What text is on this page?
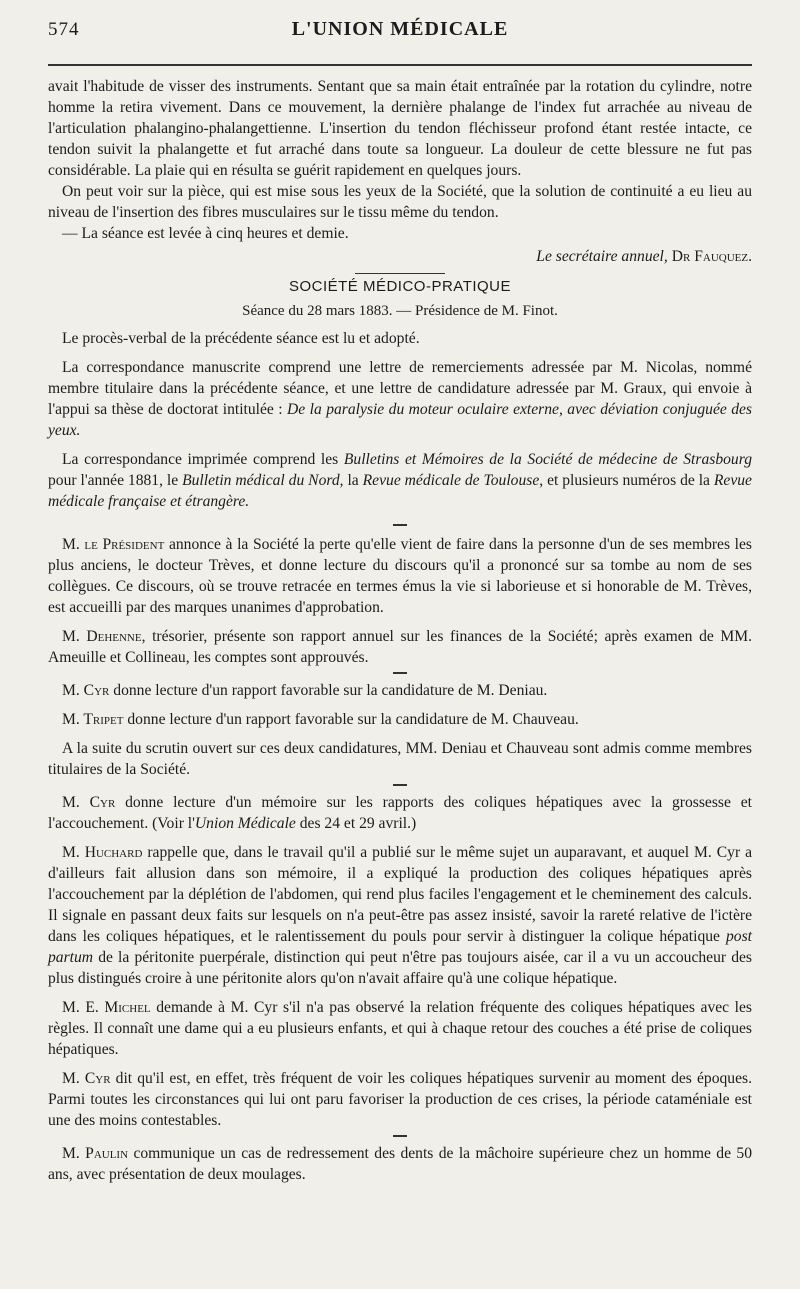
574	L'UNION MÉDICALE

avait l'habitude de visser des instruments. Sentant que sa main était entraînée par la rotation du cylindre, notre homme la retira vivement. Dans ce mouvement, la dernière phalange de l'index fut arrachée au niveau de l'articulation phalangino-phalangettienne. L'insertion du tendon fléchisseur profond étant restée intacte, ce tendon suivit la phalangette et fut arraché dans toute sa longueur. La douleur de cette blessure ne fut pas considérable. La plaie qui en résulta se guérit rapidement en quelques jours.

On peut voir sur la pièce, qui est mise sous les yeux de la Société, que la solution de continuité a eu lieu au niveau de l'insertion des fibres musculaires sur le tissu même du tendon.

— La séance est levée à cinq heures et demie.

Le secrétaire annuel, Dr Fauquez.

SOCIÉTÉ MÉDICO-PRATIQUE
Séance du 28 mars 1883. — Présidence de M. Finot.

Le procès-verbal de la précédente séance est lu et adopté.

La correspondance manuscrite comprend une lettre de remerciements adressée par M. Nicolas, nommé membre titulaire dans la précédente séance, et une lettre de candidature adressée par M. Graux, qui envoie à l'appui sa thèse de doctorat intitulée : De la paralysie du moteur oculaire externe, avec déviation conjuguée des yeux.

La correspondance imprimée comprend les Bulletins et Mémoires de la Société de médecine de Strasbourg pour l'année 1881, le Bulletin médical du Nord, la Revue médicale de Toulouse, et plusieurs numéros de la Revue médicale française et étrangère.

M. le Président annonce à la Société la perte qu'elle vient de faire dans la personne d'un de ses membres les plus anciens, le docteur Trèves, et donne lecture du discours qu'il a prononcé sur sa tombe au nom de ses collègues. Ce discours, où se trouve retracée en termes émus la vie si laborieuse et si honorable de M. Trèves, est accueilli par des marques unanimes d'approbation.

M. Dehenne, trésorier, présente son rapport annuel sur les finances de la Société; après examen de MM. Ameuille et Collineau, les comptes sont approuvés.

M. Cyr donne lecture d'un rapport favorable sur la candidature de M. Deniau.

M. Tripet donne lecture d'un rapport favorable sur la candidature de M. Chauveau.

A la suite du scrutin ouvert sur ces deux candidatures, MM. Deniau et Chauveau sont admis comme membres titulaires de la Société.

M. Cyr donne lecture d'un mémoire sur les rapports des coliques hépatiques avec la grossesse et l'accouchement. (Voir l'Union Médicale des 24 et 29 avril.)

M. Huchard rappelle que, dans le travail qu'il a publié sur le même sujet un auparavant, et auquel M. Cyr a d'ailleurs fait allusion dans son mémoire, il a expliqué la production des coliques hépatiques après l'accouchement par la déplétion de l'abdomen, qui rend plus faciles l'engagement et le cheminement des calculs. Il signale en passant deux faits sur lesquels on n'a peut-être pas assez insisté, savoir la rareté relative de l'ictère dans les coliques hépatiques, et le ralentissement du pouls pour servir à distinguer la colique hépatique post partum de la péritonite puerpérale, distinction qui peut n'être pas toujours aisée, car il a vu un accoucheur des plus distingués croire à une péritonite alors qu'on n'avait affaire qu'à une colique hépatique.

M. E. Michel demande à M. Cyr s'il n'a pas observé la relation fréquente des coliques hépatiques avec les règles. Il connaît une dame qui a eu plusieurs enfants, et qui à chaque retour des couches a été prise de coliques hépatiques.

M. Cyr dit qu'il est, en effet, très fréquent de voir les coliques hépatiques survenir au moment des époques. Parmi toutes les circonstances qui lui ont paru favoriser la production de ces crises, la période cataméniale est une des moins contestables.

M. Paulin communique un cas de redressement des dents de la mâchoire supérieure chez un homme de 50 ans, avec présentation de deux moulages.
